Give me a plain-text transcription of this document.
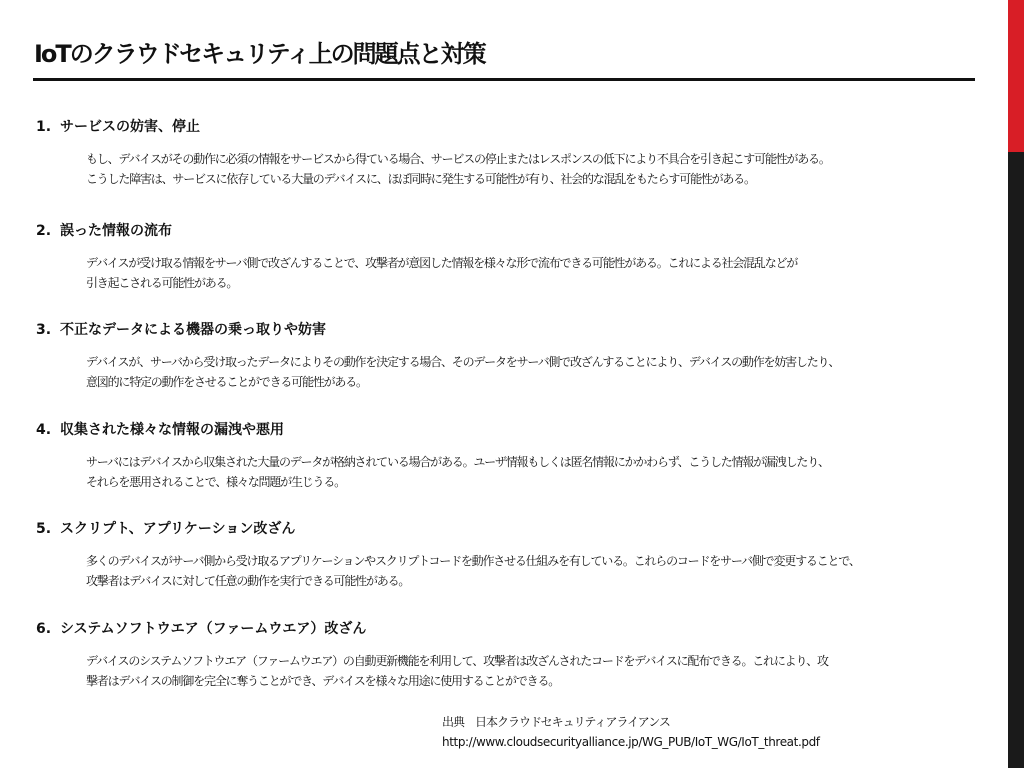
IoTのクラウドセキュリティ上の問題点と対策
1. サービスの妨害、停止
もし、デバイスがその動作に必須の情報をサービスから得ている場合、サービスの停止またはレスポンスの低下により不具合を引き起こす可能性がある。
こうした障害は、サービスに依存している大量のデバイスに、ほぼ同時に発生する可能性が有り、社会的な混乱をもたらす可能性がある。
2. 誤った情報の流布
デバイスが受け取る情報をサーバ側で改ざんすることで、攻撃者が意図した情報を様々な形で流布できる可能性がある。これによる社会混乱などが
引き起こされる可能性がある。
3. 不正なデータによる機器の乗っ取りや妨害
デバイスが、サーバから受け取ったデータによりその動作を決定する場合、そのデータをサーバ側で改ざんすることにより、デバイスの動作を妨害したり、
意図的に特定の動作をさせることができる可能性がある。
4. 収集された様々な情報の漏洩や悪用
サーバにはデバイスから収集された大量のデータが格納されている場合がある。ユーザ情報もしくは匿名情報にかかわらず、こうした情報が漏洩したり、
それらを悪用されることで、様々な問題が生じうる。
5. スクリプト、アプリケーション改ざん
多くのデバイスがサーバ側から受け取るアプリケーションやスクリプトコードを動作させる仕組みを有している。これらのコードをサーバ側で変更することで、
攻撃者はデバイスに対して任意の動作を実行できる可能性がある。
6. システムソフトウエア（ファームウエア）改ざん
デバイスのシステムソフトウエア（ファームウエア）の自動更新機能を利用して、攻撃者は改ざんされたコードをデバイスに配布できる。これにより、攻
撃者はデバイスの制御を完全に奪うことができ、デバイスを様々な用途に使用することができる。
出典　日本クラウドセキュリティアライアンス
http://www.cloudsecurityalliance.jp/WG_PUB/IoT_WG/IoT_threat.pdf
